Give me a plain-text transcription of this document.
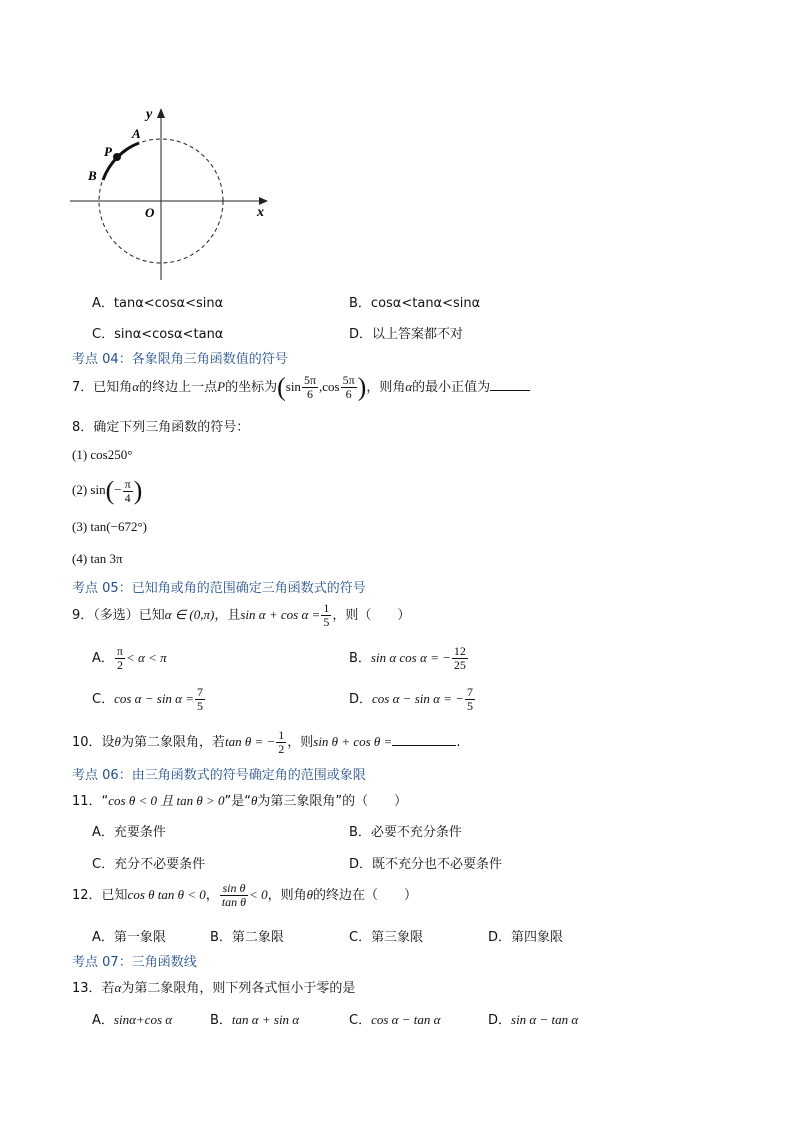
y
x
O
A
P
B
A．tanα<cosα<sinα	B．cosα<tanα<sinα
C．sinα<cosα<tanα	D．以上答案都不对
考点 04：各象限角三角函数值的符号
7．已知角α的终边上一点P的坐标为($\sin \frac{5\pi}{6} ,\cos \frac{5\pi}{6}$ )，则角α的最小正值为
8．确定下列三角函数的符号：
(1) cos250°
(2) $\sin(- \frac{\pi}{4}$ )
(3) tan(−672°)
(4) tan 3π
考点 05：已知角或角的范围确定三角函数式的符号
9．（多选）已知α ∈ (0,π)，且$\sin \alpha + \cos \alpha = \frac{1}{5}$ ，则（　　）
A． $\frac{\pi}{2} < \alpha < \pi$	B．sin α cos α = − $\frac{12}{25}$
C．$\cos \alpha - \sin \alpha = \frac{7}{5}$	D．cos α − sin α = − $\frac{7}{5}$
10．设θ为第二象限角，若tan θ = − $\frac{1}{2}$ ，则sin θ + cos θ =	.
考点 06：由三角函数式的符号确定角的范围或象限
11．“cos θ < 0 且 tan θ > 0”是“θ为第三象限角”的（　　）
A．充要条件	B．必要不充分条件
C．充分不必要条件	D．既不充分也不必要条件
12．已知cos θ tan θ < 0， $\frac{\text{sin θ}}{\text{tan θ}} < 0$，则角θ的终边在（　　）
A．第一象限	B．第二象限	C．第三象限	D．第四象限
考点 07：三角函数线
13．若α为第二象限角，则下列各式恒小于零的是
A．sinα+cos α	B．tan α + sin α	C．cos α − tan α	D．sin α − tan α
